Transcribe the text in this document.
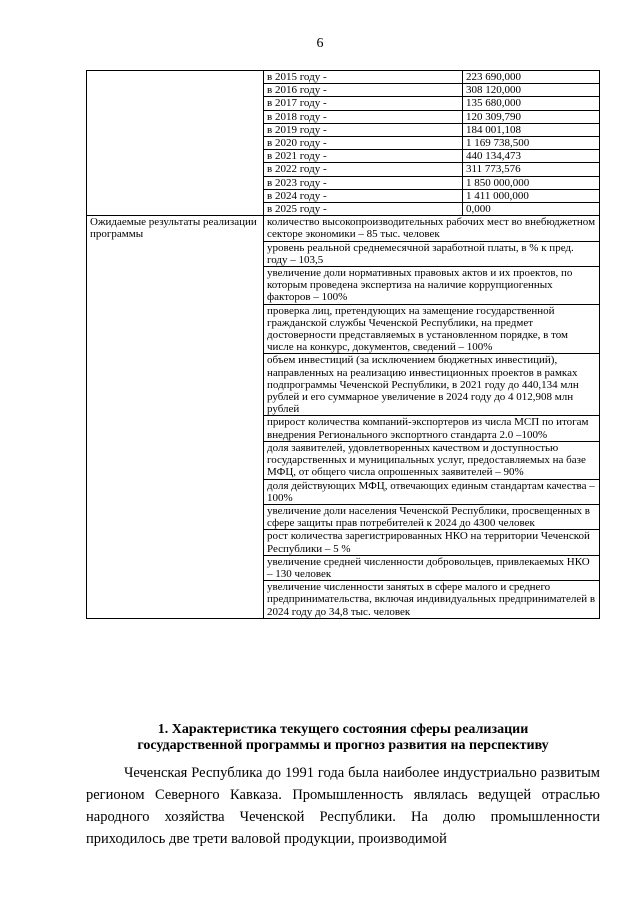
6
	в 2015 году -	223 690,000
	в 2016 году -	308 120,000
	в 2017 году -	135 680,000
	в 2018 году -	120 309,790
	в 2019 году -	184 001,108
	в 2020 году -	1 169 738,500
	в 2021 году -	440 134,473
	в 2022 году -	311 773,576
	в 2023 году -	1 850 000,000
	в 2024 году -	1 411 000,000
	в 2025 году -	0,000
Ожидаемые результаты реализации программы	количество высокопроизводительных рабочих мест во внебюджетном секторе экономики – 85 тыс. человек	
	уровень реальной среднемесячной заработной платы, в % к пред. году – 103,5	
	увеличение доли нормативных правовых актов и их проектов, по которым проведена экспертиза на наличие коррупциогенных факторов – 100%	
	проверка лиц, претендующих на замещение государственной гражданской службы Чеченской Республики, на предмет достоверности представляемых в установленном порядке, в том числе на конкурс, документов, сведений – 100%	
	объем инвестиций (за исключением бюджетных инвестиций), направленных на реализацию инвестиционных проектов в рамках подпрограммы Чеченской Республики, в 2021 году до 440,134 млн рублей и его суммарное увеличение в 2024 году до 4 012,908 млн рублей	
	прирост количества компаний-экспортеров из числа МСП по итогам внедрения Регионального экспортного стандарта 2.0 –100%	
	доля заявителей, удовлетворенных качеством и доступностью государственных и муниципальных услуг, предоставляемых на базе МФЦ, от общего числа опрошенных заявителей – 90%	
	доля действующих МФЦ, отвечающих единым стандартам качества – 100%	
	увеличение доли населения Чеченской Республики, просвещенных в сфере защиты прав потребителей к 2024 до 4300 человек	
	рост количества зарегистрированных НКО на территории Чеченской Республики – 5 %	
	увеличение средней численности добровольцев, привлекаемых НКО – 130 человек	
	увеличение численности занятых в сфере малого и среднего предпринимательства, включая индивидуальных предпринимателей в 2024 году до 34,8 тыс. человек	
1. Характеристика текущего состояния сферы реализации
государственной программы и прогноз развития на перспективу

Чеченская Республика до 1991 года была наиболее индустриально развитым регионом Северного Кавказа. Промышленность являлась ведущей отраслью народного хозяйства Чеченской Республики. На долю промышленности приходилось две трети валовой продукции, производимой
